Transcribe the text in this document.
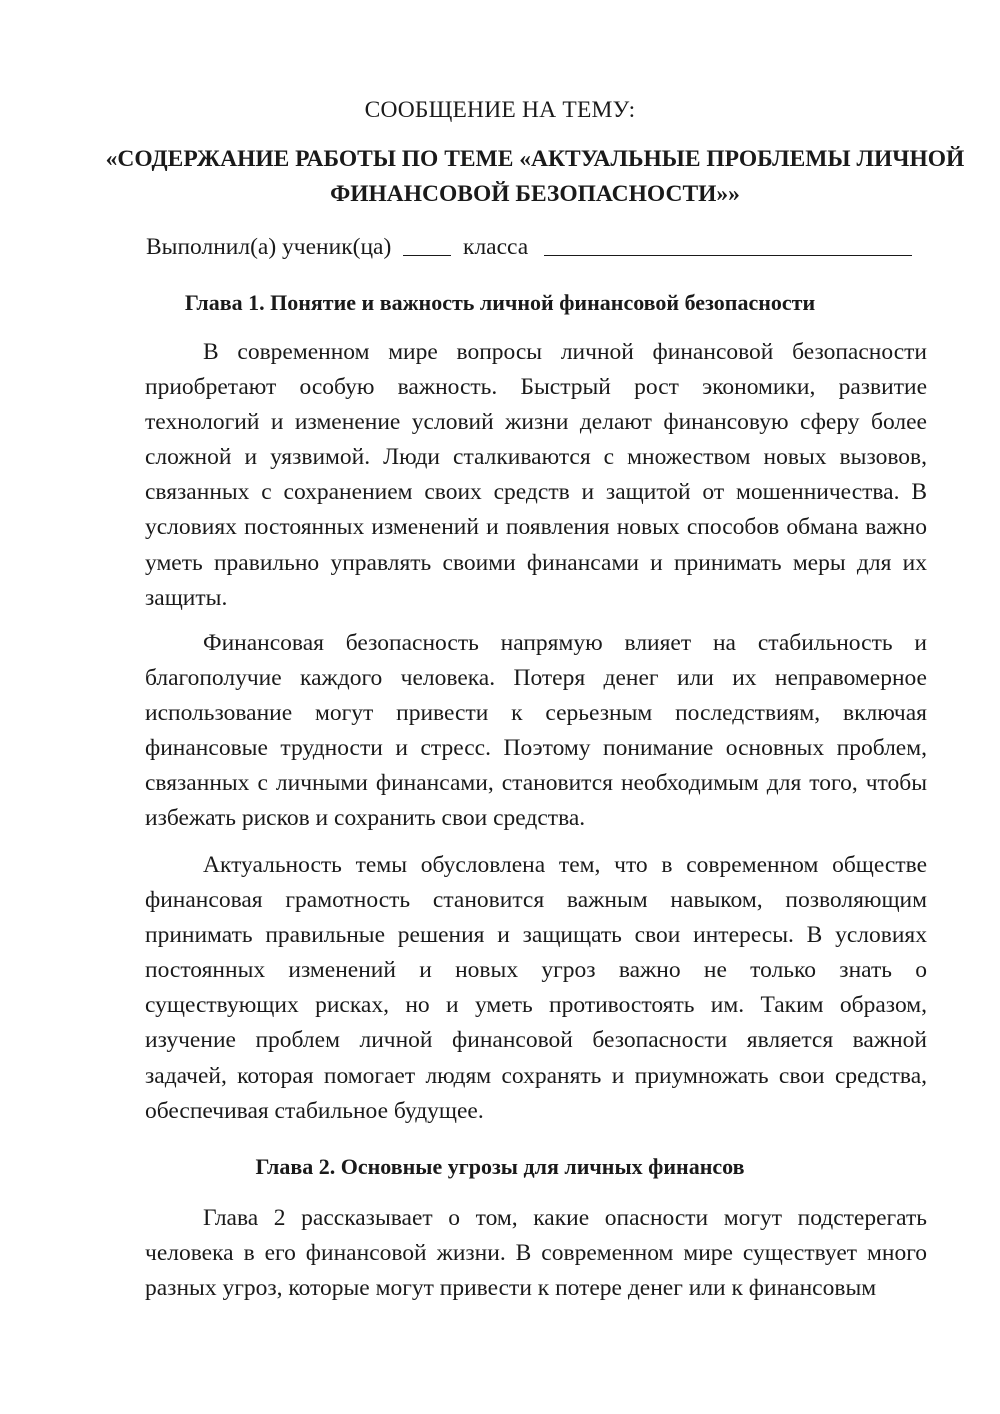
СООБЩЕНИЕ НА ТЕМУ:
«СОДЕРЖАНИЕ РАБОТЫ ПО ТЕМЕ «АКТУАЛЬНЫЕ ПРОБЛЕМЫ ЛИЧНОЙ ФИНАНСОВОЙ БЕЗОПАСНОСТИ»»
Выполнил(а) ученик(ца)	класса
Глава 1. Понятие и важность личной финансовой безопасности

В современном мире вопросы личной финансовой безопасности приобретают особую важность. Быстрый рост экономики, развитие технологий и изменение условий жизни делают финансовую сферу более сложной и уязвимой. Люди сталкиваются с множеством новых вызовов, связанных с сохранением своих средств и защитой от мошенничества. В условиях постоянных изменений и появления новых способов обмана важно уметь правильно управлять своими финансами и принимать меры для их защиты.

Финансовая безопасность напрямую влияет на стабильность и благополучие каждого человека. Потеря денег или их неправомерное использование могут привести к серьезным последствиям, включая финансовые трудности и стресс. Поэтому понимание основных проблем, связанных с личными финансами, становится необходимым для того, чтобы избежать рисков и сохранить свои средства.

Актуальность темы обусловлена тем, что в современном обществе финансовая грамотность становится важным навыком, позволяющим принимать правильные решения и защищать свои интересы. В условиях постоянных изменений и новых угроз важно не только знать о существующих рисках, но и уметь противостоять им. Таким образом, изучение проблем личной финансовой безопасности является важной задачей, которая помогает людям сохранять и приумножать свои средства, обеспечивая стабильное будущее.

Глава 2. Основные угрозы для личных финансов

Глава 2 рассказывает о том, какие опасности могут подстерегать человека в его финансовой жизни. В современном мире существует много разных угроз, которые могут привести к потере денег или к финансовым
